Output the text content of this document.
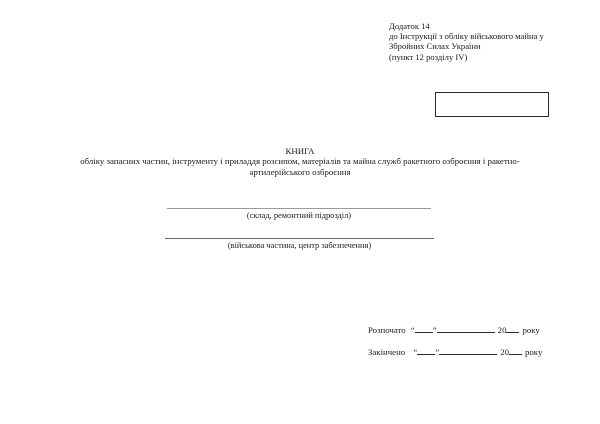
Додаток 14
до Інструкції з обліку військового майна у
Збройних Силах України
(пункт 12 розділу IV)
КНИГА
обліку запасних частин, інструменту і приладдя розсипом, матеріалів та майна служб ракетного озброєння і ракетно-
артилерійського озброєння
(склад, ремонтний підрозділ)
(військова частина, центр забезпечення)
Розпочато “ ”	20 року
Закінчено “ ”	20 року
